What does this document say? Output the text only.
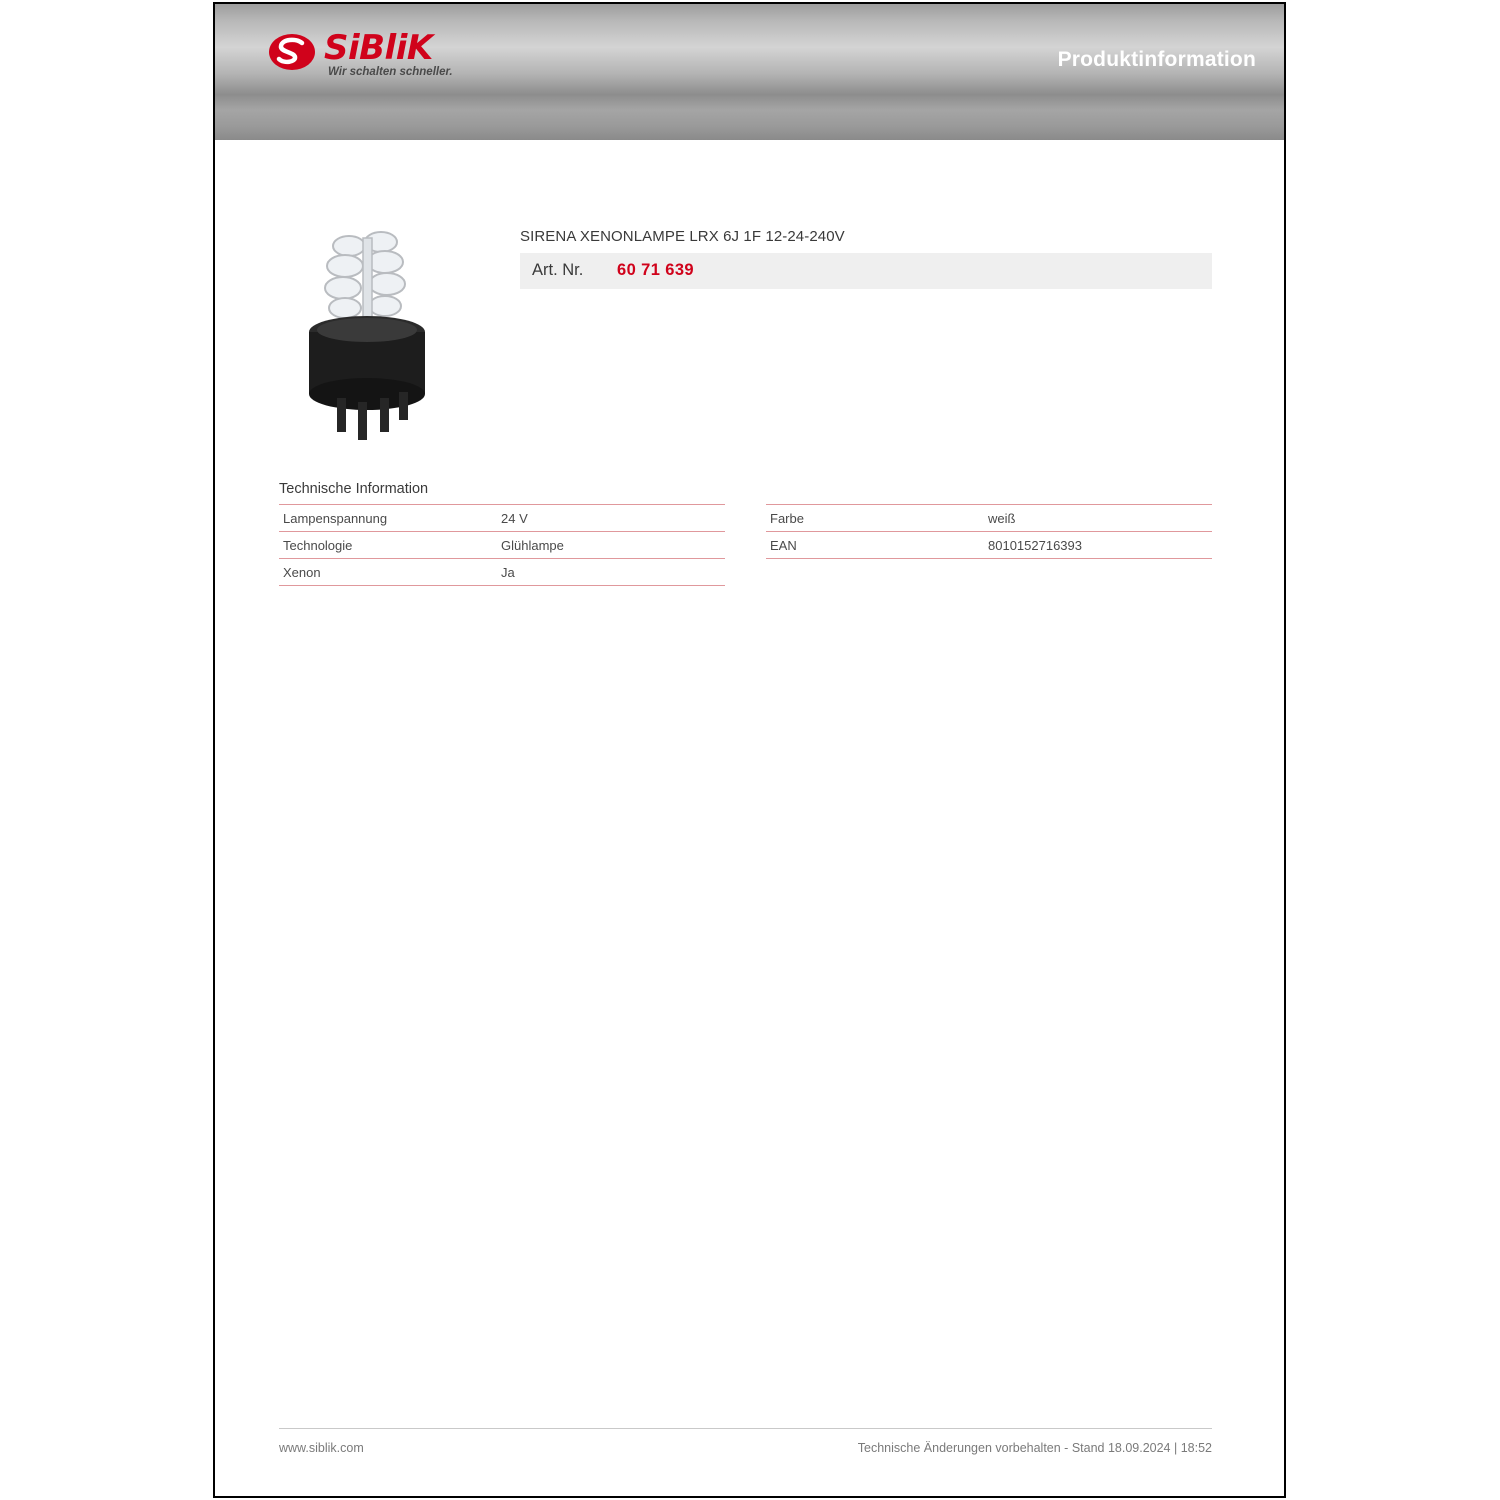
SiBliK
Wir schalten schneller.
Produktinformation
SIRENA XENONLAMPE LRX 6J 1F 12-24-240V
Art. Nr. 60 71 639
Technische Information
Lampenspannung	24 V
Technologie	Glühlampe
Xenon	Ja
Farbe	weiß
EAN	8010152716393
www.siblik.com	Technische Änderungen vorbehalten - Stand 18.09.2024 | 18:52
